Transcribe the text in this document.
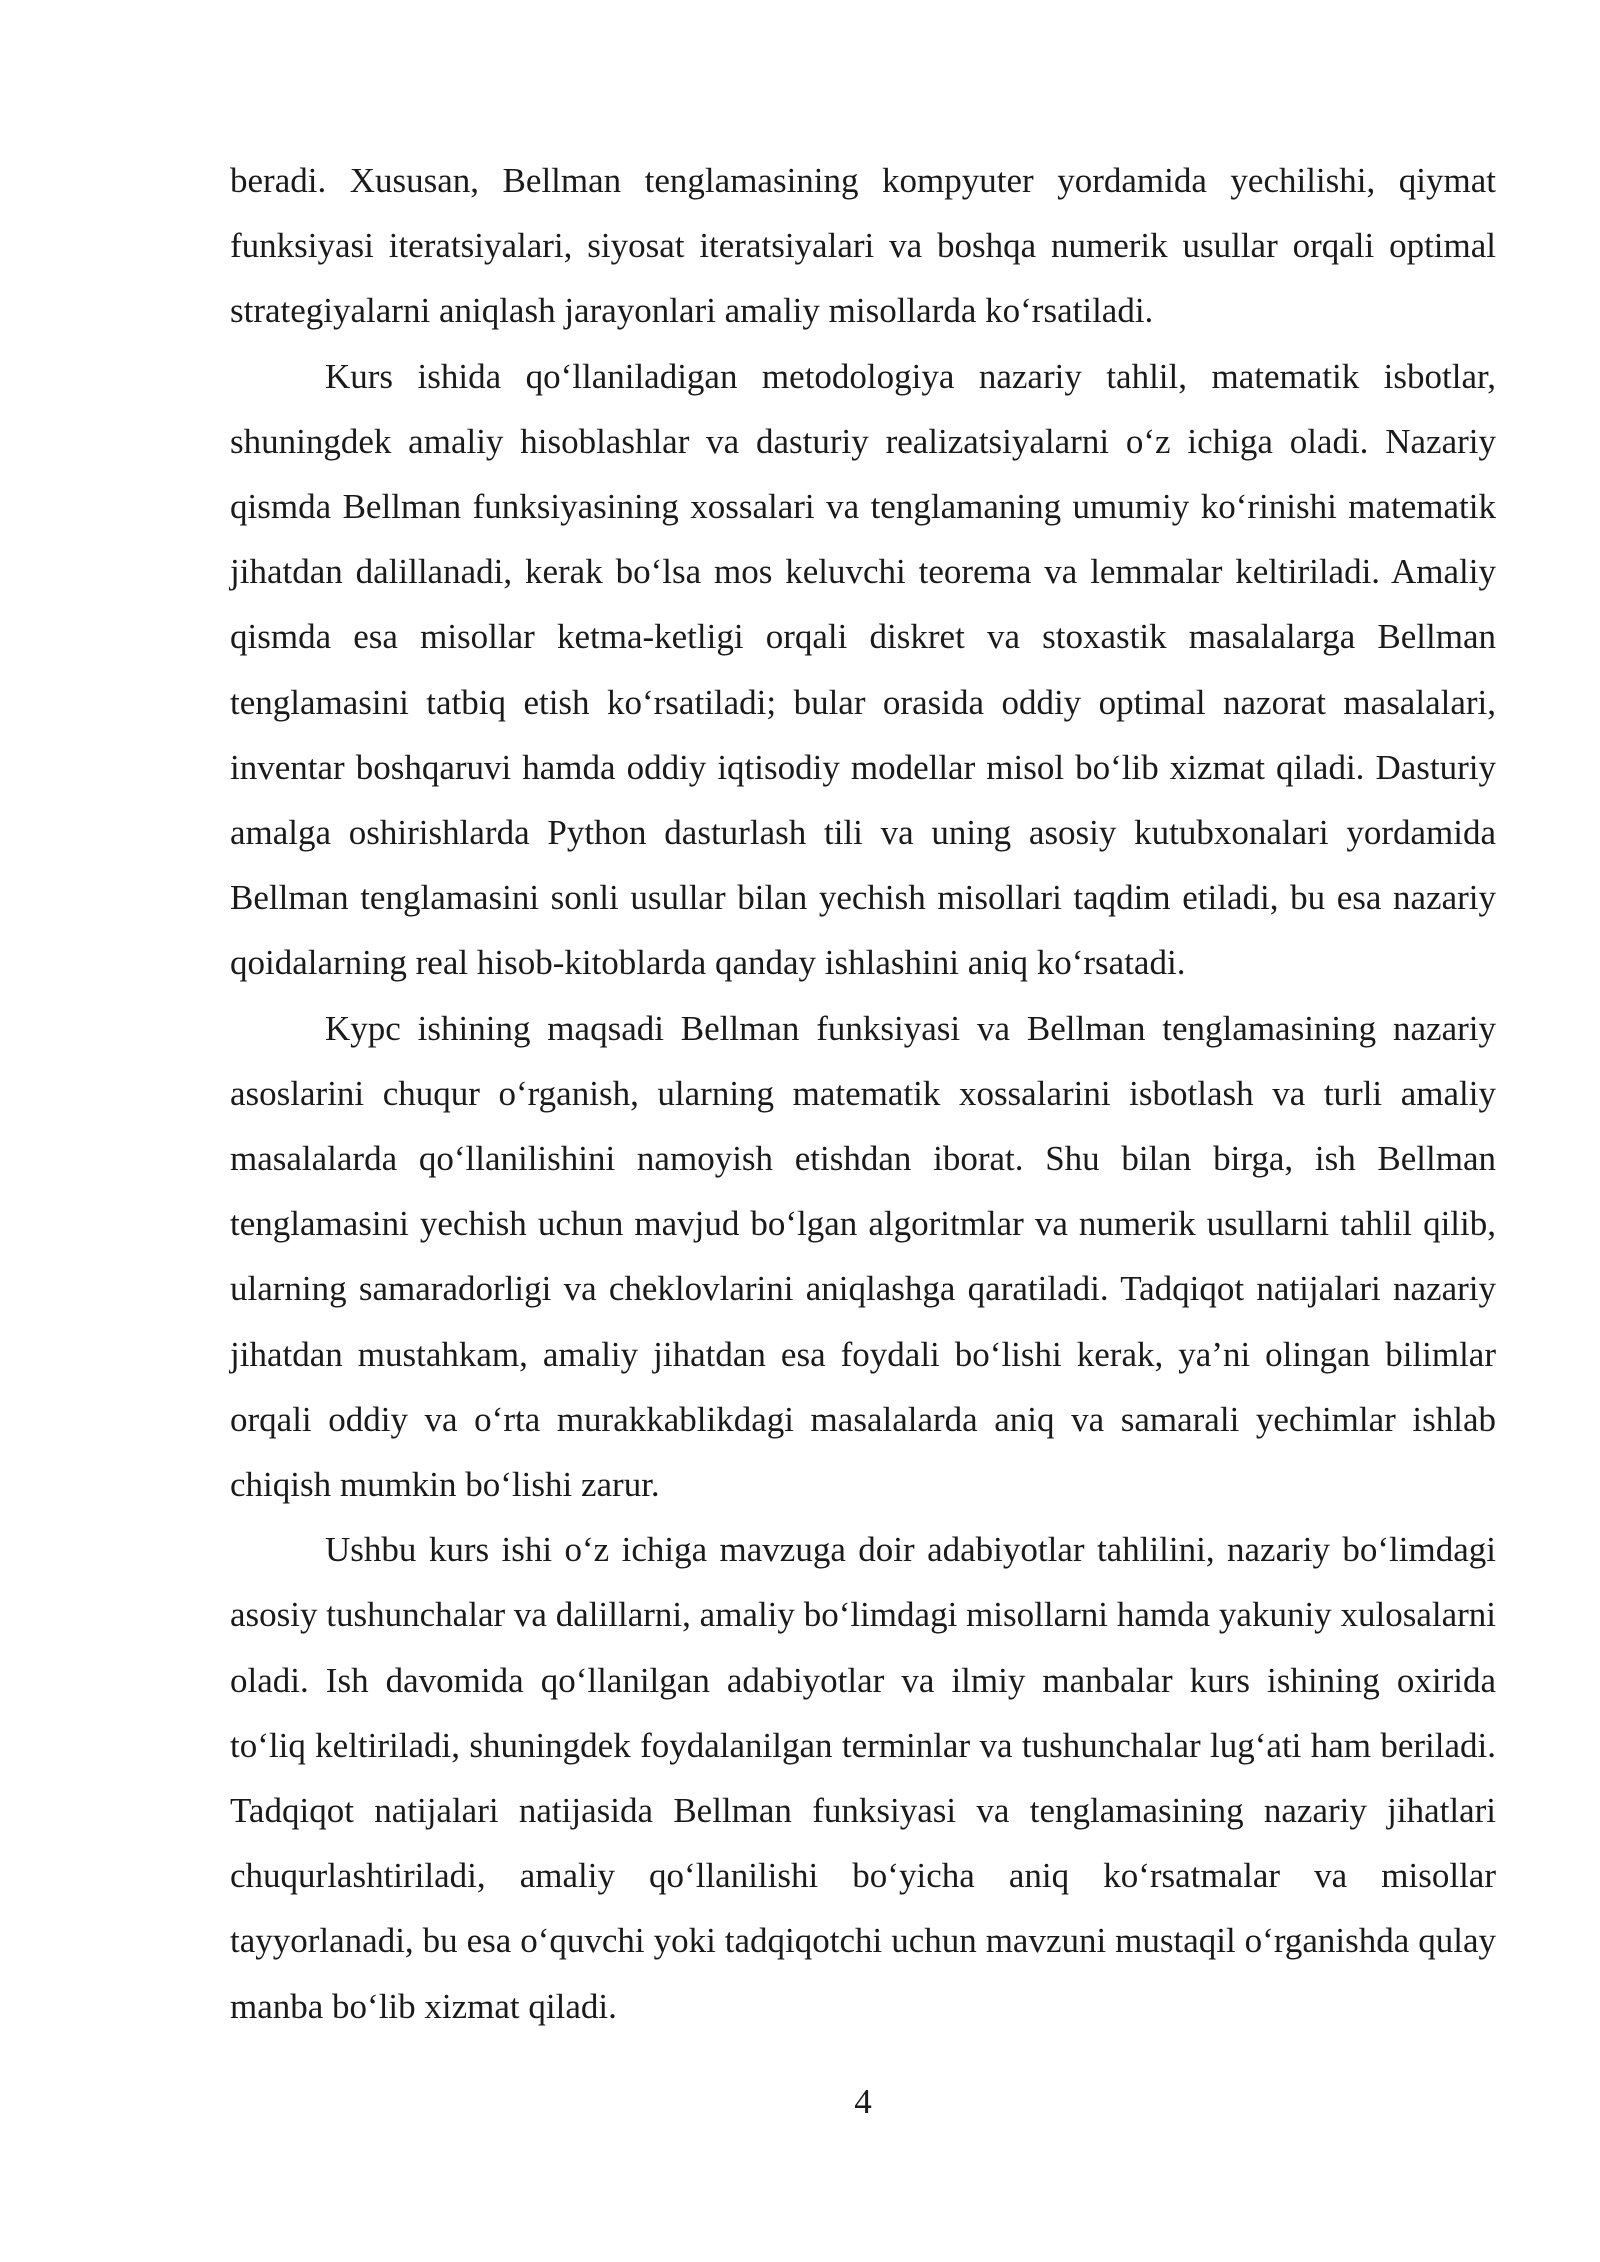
beradi. Xususan, Bellman tenglamasining kompyuter yordamida yechilishi, qiymat funksiyasi iteratsiyalari, siyosat iteratsiyalari va boshqa numerik usullar orqali optimal strategiyalarni aniqlash jarayonlari amaliy misollarda ko‘rsatiladi.

Kurs ishida qo‘llaniladigan metodologiya nazariy tahlil, matematik isbotlar, shuningdek amaliy hisoblashlar va dasturiy realizatsiyalarni o‘z ichiga oladi. Nazariy qismda Bellman funksiyasining xossalari va tenglamaning umumiy ko‘rinishi matematik jihatdan dalillanadi, kerak bo‘lsa mos keluvchi teorema va lemmalar keltiriladi. Amaliy qismda esa misollar ketma-ketligi orqali diskret va stoxastik masalalarga Bellman tenglamasini tatbiq etish ko‘rsatiladi; bular orasida oddiy optimal nazorat masalalari, inventar boshqaruvi hamda oddiy iqtisodiy modellar misol bo‘lib xizmat qiladi. Dasturiy amalga oshirishlarda Python dasturlash tili va uning asosiy kutubxonalari yordamida Bellman tenglamasini sonli usullar bilan yechish misollari taqdim etiladi, bu esa nazariy qoidalarning real hisob-kitoblarda qanday ishlashini aniq ko‘rsatadi.

Kypc ishining maqsadi Bellman funksiyasi va Bellman tenglamasining nazariy asoslarini chuqur o‘rganish, ularning matematik xossalarini isbotlash va turli amaliy masalalarda qo‘llanilishini namoyish etishdan iborat. Shu bilan birga, ish Bellman tenglamasini yechish uchun mavjud bo‘lgan algoritmlar va numerik usullarni tahlil qilib, ularning samaradorligi va cheklovlarini aniqlashga qaratiladi. Tadqiqot natijalari nazariy jihatdan mustahkam, amaliy jihatdan esa foydali bo‘lishi kerak, ya’ni olingan bilimlar orqali oddiy va o‘rta murakkablikdagi masalalarda aniq va samarali yechimlar ishlab chiqish mumkin bo‘lishi zarur.

Ushbu kurs ishi o‘z ichiga mavzuga doir adabiyotlar tahlilini, nazariy bo‘limdagi asosiy tushunchalar va dalillarni, amaliy bo‘limdagi misollarni hamda yakuniy xulosalarni oladi. Ish davomida qo‘llanilgan adabiyotlar va ilmiy manbalar kurs ishining oxirida to‘liq keltiriladi, shuningdek foydalanilgan terminlar va tushunchalar lug‘ati ham beriladi. Tadqiqot natijalari natijasida Bellman funksiyasi va tenglamasining nazariy jihatlari chuqurlashtiriladi, amaliy qo‘llanilishi bo‘yicha aniq ko‘rsatmalar va misollar tayyorlanadi, bu esa o‘quvchi yoki tadqiqotchi uchun mavzuni mustaqil o‘rganishda qulay manba bo‘lib xizmat qiladi.

4
